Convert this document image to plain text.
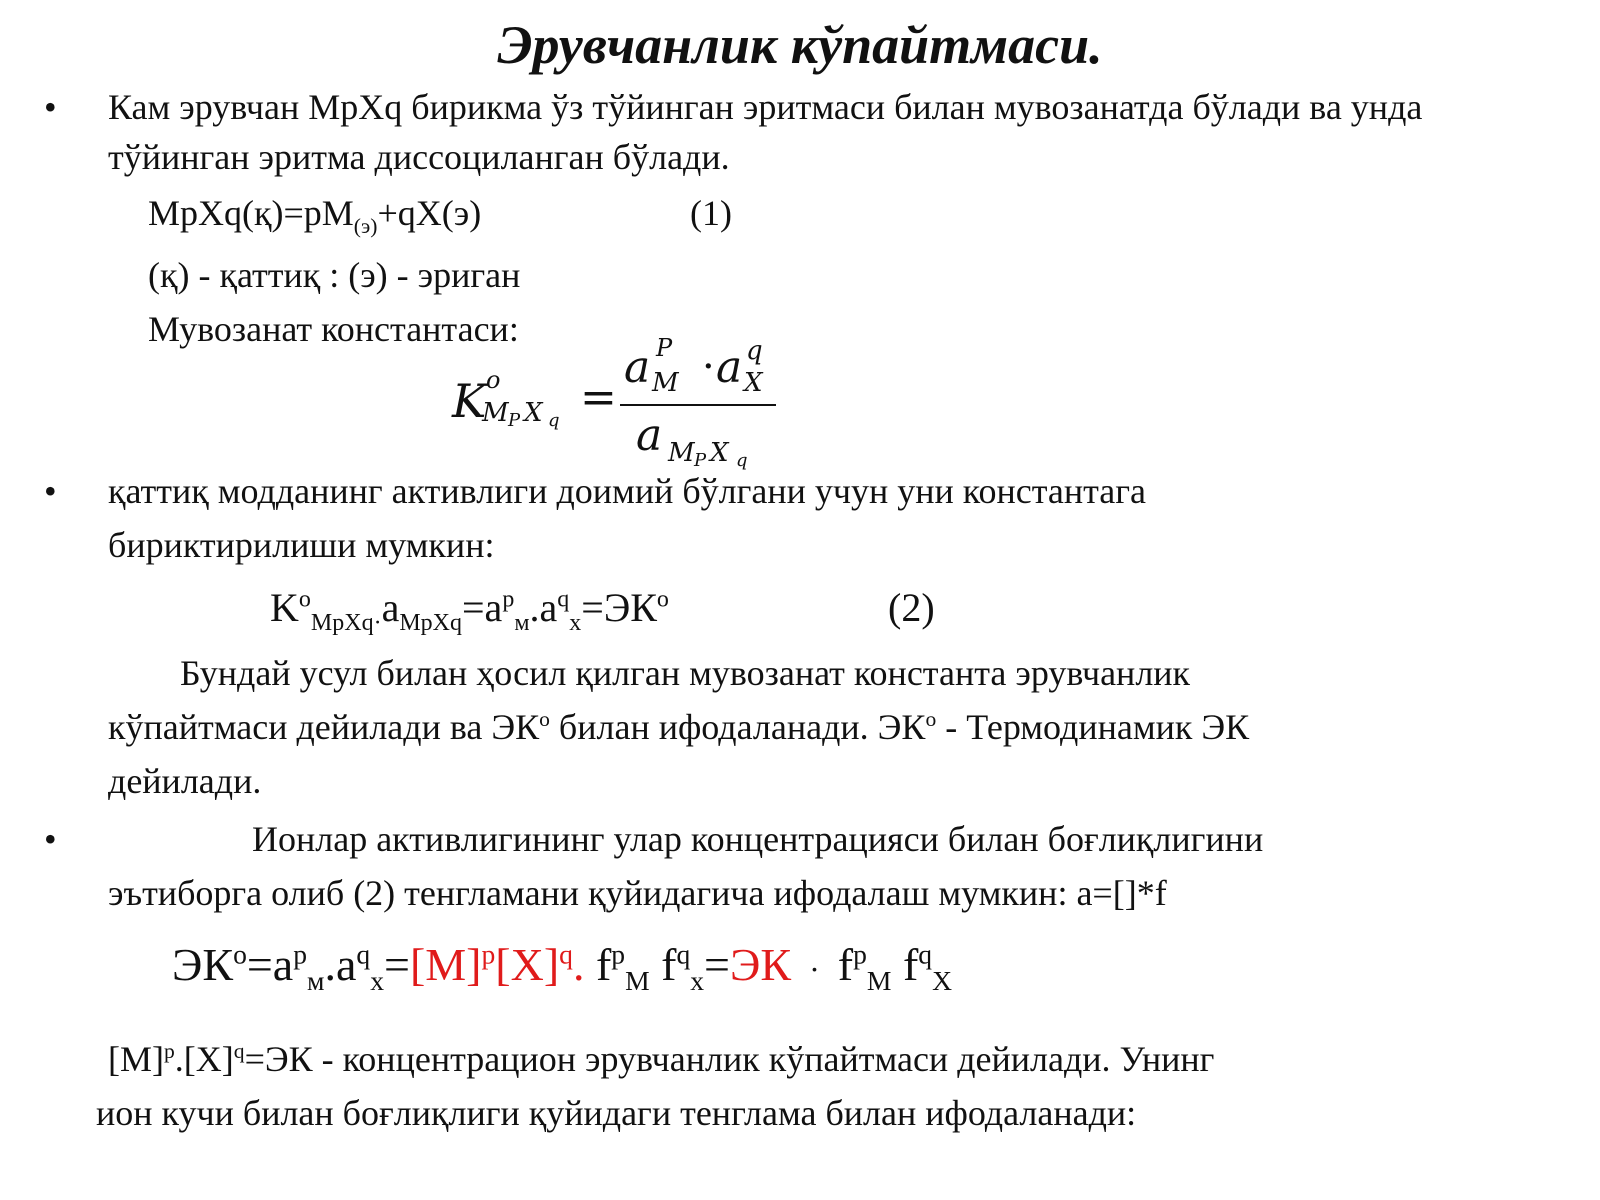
Эрувчанлик кўпайтмаси.
• Кам эрувчан MpXq бирикма ўз тўйинган эритмаси билан мувозанатда бўлади ва унда
тўйинган эритма диссоциланган бўлади.
$MpXq(қ)=pM_{(э)}+qX(э)$	(1)
(қ) - қаттиқ : (э) - эриган
Мувозанат константаси:
K o
M P X q =
a P
M · a q
X
a M P X q
• қаттиқ модданинг активлиги доимий бўлгани учун уни константага
бириктирилиши мумкин:
$K^o_{MpXq\cdot}a_{MpXq}=a^p_м.a^q_x=ЭК^o$	(2)
Бундай усул билан ҳосил қилган мувозанат константа эрувчанлик
кўпайтмаси дейилади ва $ЭК^o$ билан ифодаланади. $ЭК^o$ - Термодинамик ЭК
дейилади.
•	Ионлар активлигининг улар концентрацияси билан боғлиқлигини
эътиборга олиб (2) тенгламани қуйидагича ифодалаш мумкин: a=[]*f
$ЭК^o=a^p_м.a^q_x=[M]^p[X]^q$. $f^p_M$ $f^q_x=ЭК \cdot f^p_M$ $f^q_X$
$[M]^p.[X]^q=ЭК$ - концентрацион эрувчанлик кўпайтмаси дейилади. Унинг
ион кучи билан боғлиқлиги қуйидаги тенглама билан ифодаланади:
